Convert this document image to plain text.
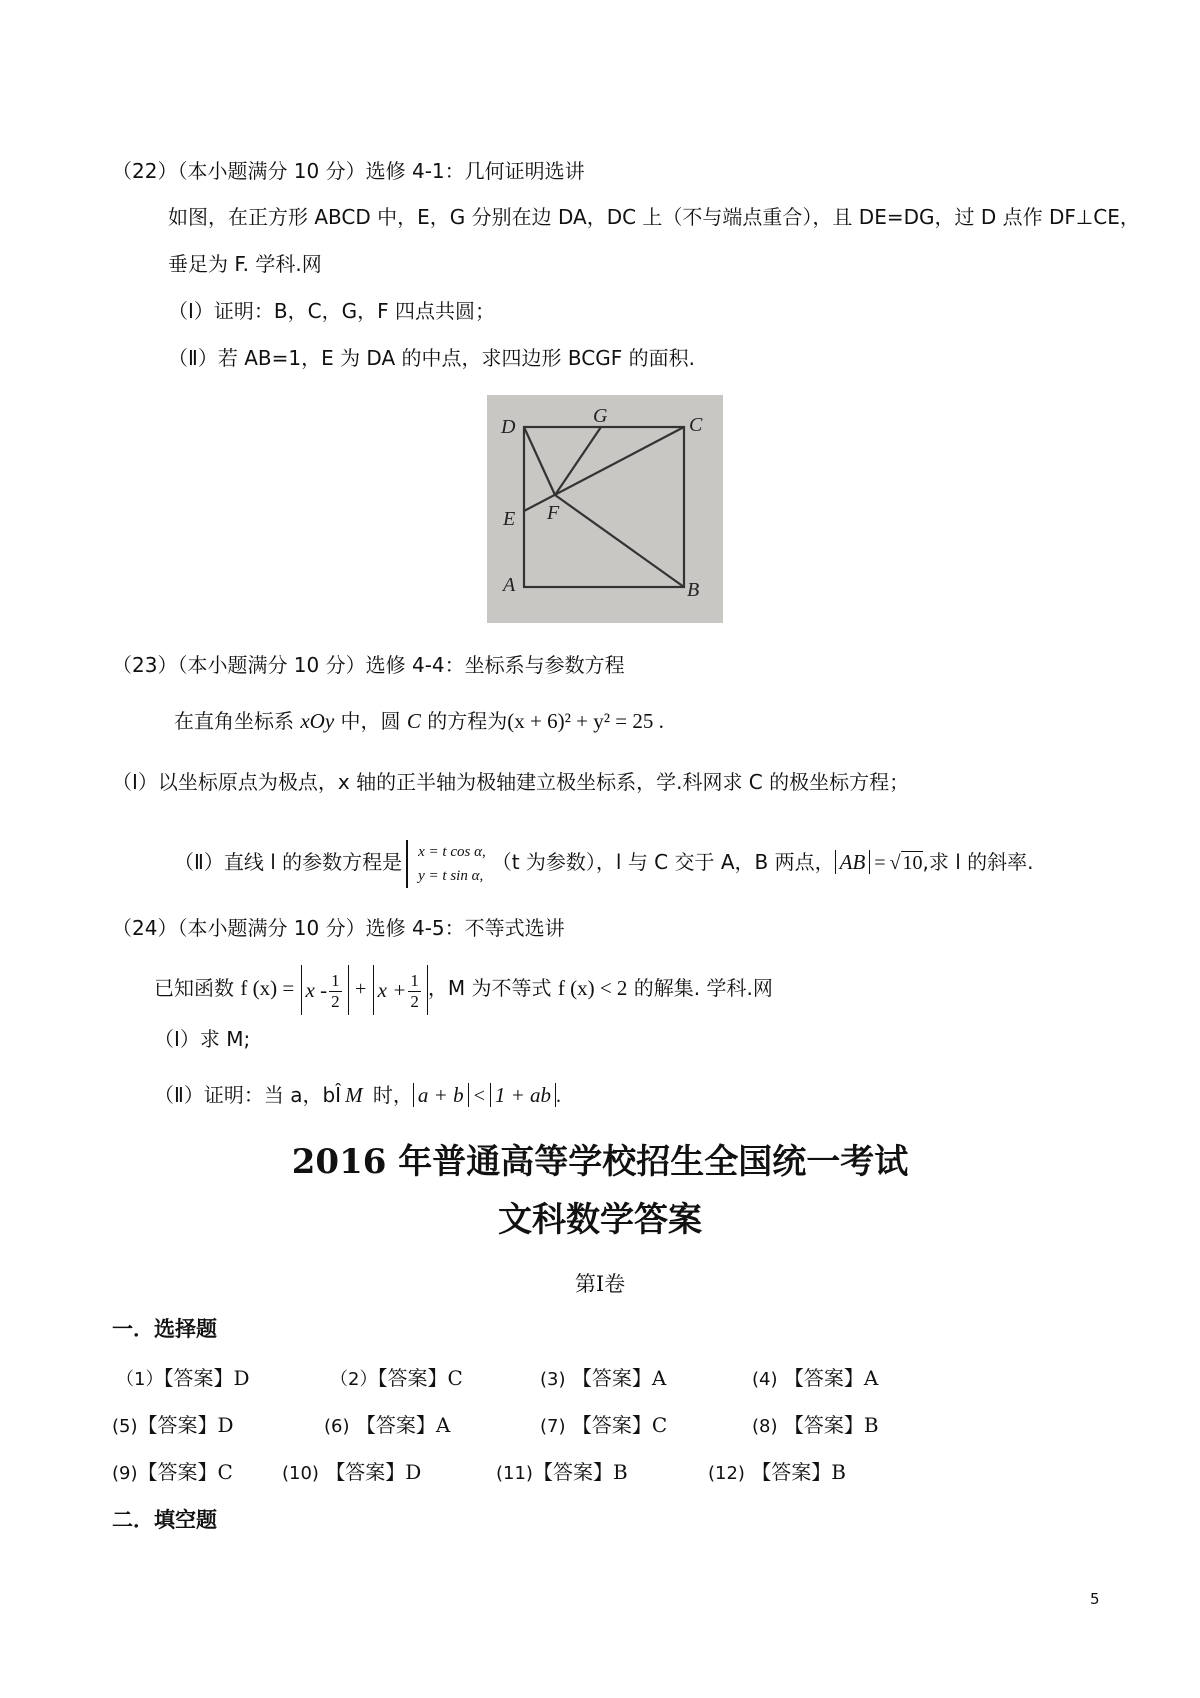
（22）（本小题满分 10 分）选修 4-1：几何证明选讲
如图，在正方形 ABCD 中，E，G 分别在边 DA，DC 上（不与端点重合），且 DE=DG，过 D 点作 DF⊥CE，
垂足为 F. 学科.网
（Ⅰ）证明：B，C，G，F 四点共圆；
（Ⅱ）若 AB=1，E 为 DA 的中点，求四边形 BCGF 的面积.
D	G	C
F
E
A	B
（23）（本小题满分 10 分）选修 4-4：坐标系与参数方程
在直角坐标系 xOy 中，圆 C 的方程为(x + 6)² + y² = 25 .
（Ⅰ）以坐标原点为极点，x 轴的正半轴为极轴建立极坐标系，学.科网求 C 的极坐标方程；
（Ⅱ）直线 l 的参数方程是 x = t cos α,
y = t sin α,
（t 为参数），l 与 C 交于 A，B 两点， AB = √ 10,求 l 的斜率.
（24）（本小题满分 10 分）选修 4-5：不等式选讲
已知函数 f $(x) = x - \frac{1}{2} + x + \frac{1}{2}$ ，M 为不等式 f (x) < 2 的解集. 学科.网
（Ⅰ）求 M;
（Ⅱ）证明：当 a，bÎ M 时， a + b < 1 + ab .
2016 年普通高等学校招生全国统一考试
文科数学答案
第Ⅰ卷
一．选择题
（1）【答案】D	（2）【答案】C	(3) 【答案】A	(4) 【答案】A
(5)【答案】D	(6) 【答案】A	(7) 【答案】C	(8) 【答案】B
(9)【答案】C	(10) 【答案】D	(11)【答案】B	(12) 【答案】B
二．填空题
5
